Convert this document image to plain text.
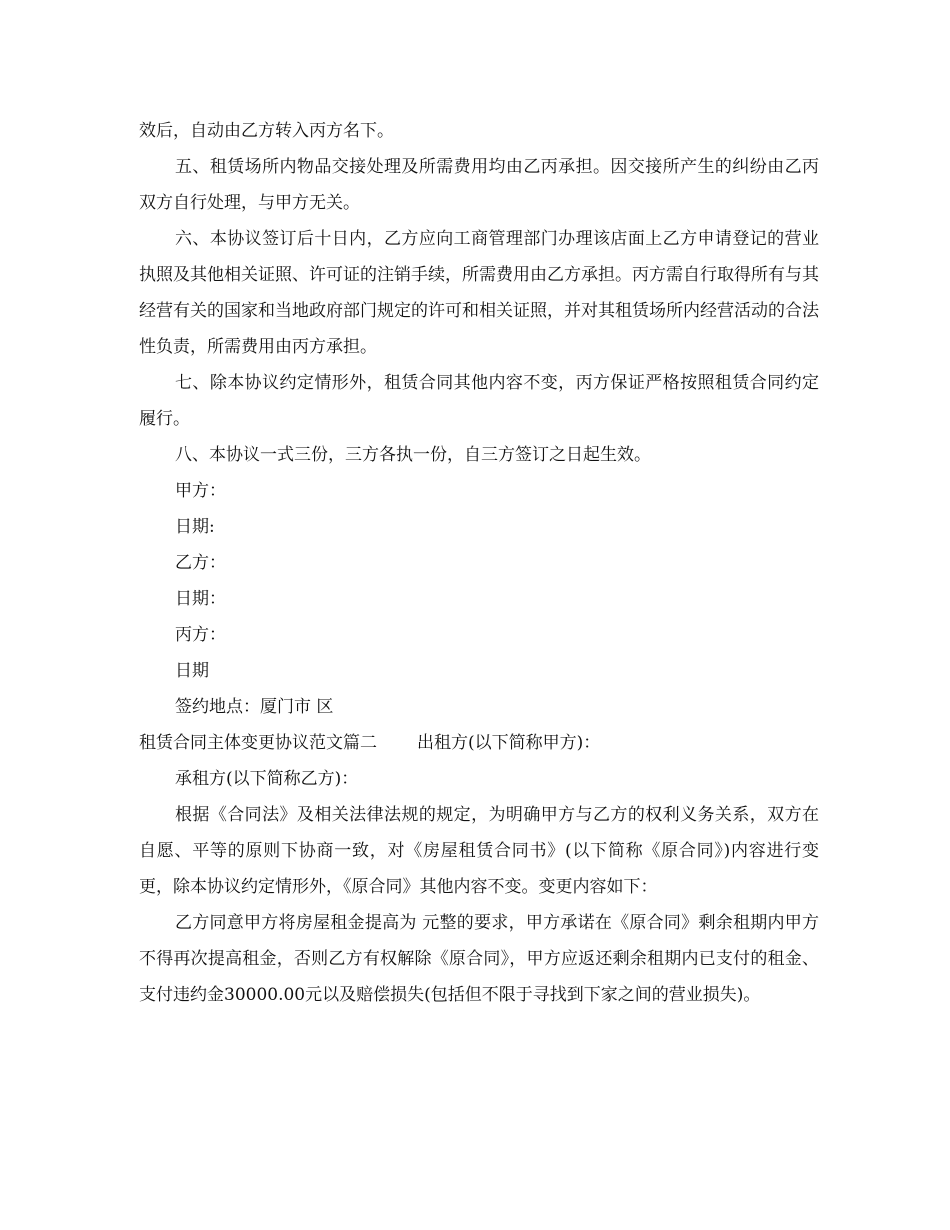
效后，自动由乙方转入丙方名下。

五、租赁场所内物品交接处理及所需费用均由乙丙承担。因交接所产生的纠纷由乙丙双方自行处理，与甲方无关。

六、本协议签订后十日内，乙方应向工商管理部门办理该店面上乙方申请登记的营业执照及其他相关证照、许可证的注销手续，所需费用由乙方承担。丙方需自行取得所有与其经营有关的国家和当地政府部门规定的许可和相关证照，并对其租赁场所内经营活动的合法性负责，所需费用由丙方承担。

七、除本协议约定情形外，租赁合同其他内容不变，丙方保证严格按照租赁合同约定履行。

八、本协议一式三份，三方各执一份，自三方签订之日起生效。

甲方：

日期:

乙方：

日期：

丙方：

日期

签约地点：厦门市 区

租赁合同主体变更协议范文篇二 出租方(以下简称甲方)：

承租方(以下简称乙方)：

根据《合同法》及相关法律法规的规定，为明确甲方与乙方的权利义务关系，双方在自愿、平等的原则下协商一致，对《房屋租赁合同书》(以下简称《原合同》)内容进行变更，除本协议约定情形外，《原合同》其他内容不变。变更内容如下：

乙方同意甲方将房屋租金提高为 元整的要求，甲方承诺在《原合同》剩余租期内甲方不得再次提高租金，否则乙方有权解除《原合同》，甲方应返还剩余租期内已支付的租金、支付违约金30000.00元以及赔偿损失(包括但不限于寻找到下家之间的营业损失)。
